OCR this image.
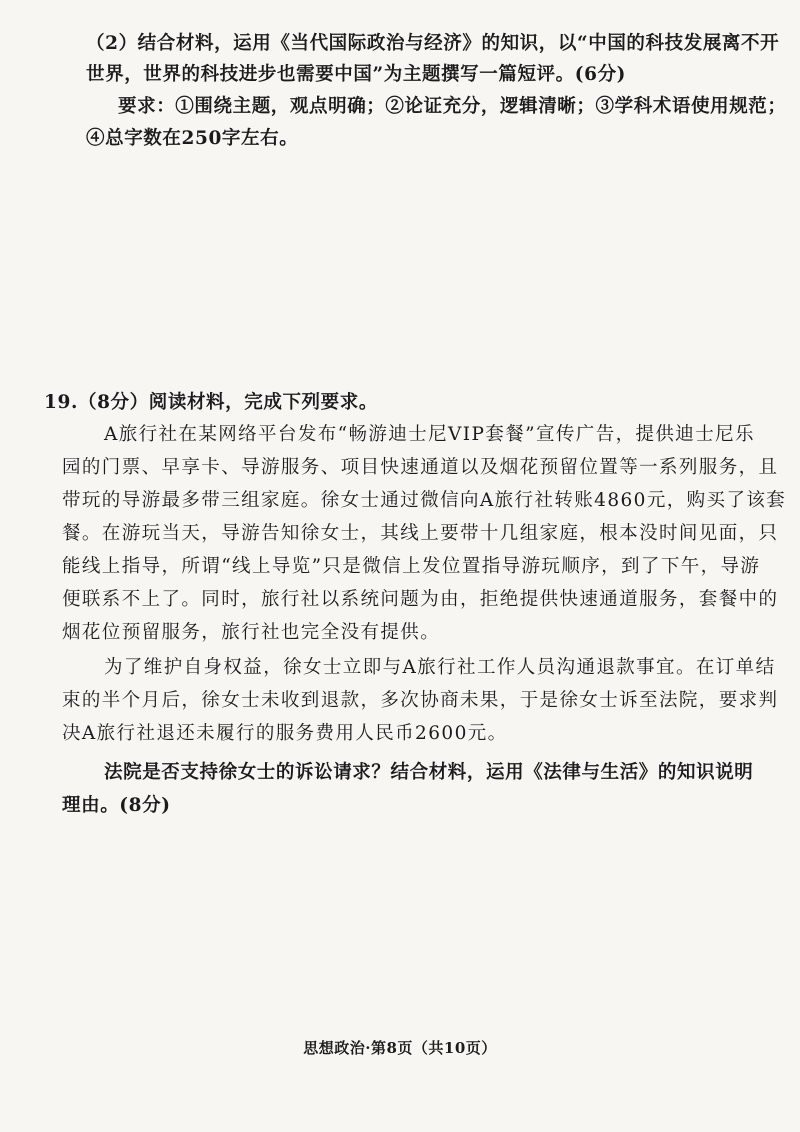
（2）结合材料，运用《当代国际政治与经济》的知识，以“中国的科技发展离不开
世界，世界的科技进步也需要中国”为主题撰写一篇短评。(6分)
要求：①围绕主题，观点明确；②论证充分，逻辑清晰；③学科术语使用规范；
④总字数在250字左右。
19.（8分）阅读材料，完成下列要求。
A旅行社在某网络平台发布“畅游迪士尼VIP套餐”宣传广告，提供迪士尼乐
园的门票、早享卡、导游服务、项目快速通道以及烟花预留位置等一系列服务，且
带玩的导游最多带三组家庭。徐女士通过微信向A旅行社转账4860元，购买了该套
餐。在游玩当天，导游告知徐女士，其线上要带十几组家庭，根本没时间见面，只
能线上指导，所谓“线上导览”只是微信上发位置指导游玩顺序，到了下午，导游
便联系不上了。同时，旅行社以系统问题为由，拒绝提供快速通道服务，套餐中的
烟花位预留服务，旅行社也完全没有提供。
为了维护自身权益，徐女士立即与A旅行社工作人员沟通退款事宜。在订单结
束的半个月后，徐女士未收到退款，多次协商未果，于是徐女士诉至法院，要求判
决A旅行社退还未履行的服务费用人民币2600元。
法院是否支持徐女士的诉讼请求？结合材料，运用《法律与生活》的知识说明
理由。(8分)
思想政治·第8页（共10页）
